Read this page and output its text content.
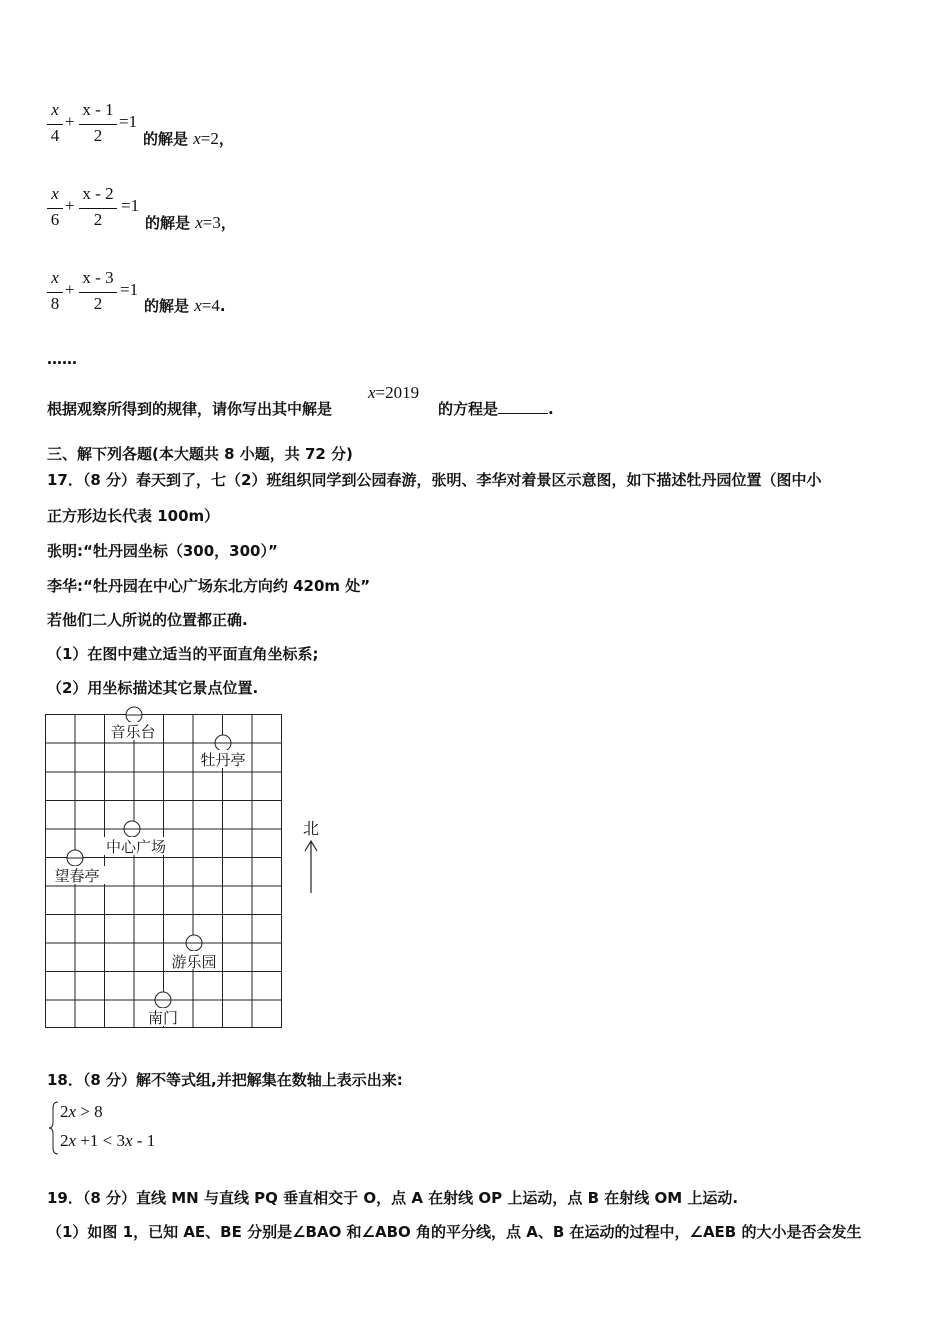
x
4
+
x - 1
2
=1
的解是 x=2，
x
6
+
x - 2
2
=1
的解是 x=3，
x
8
+
x - 3
2
=1
的解是 x=4.
……
根据观察所得到的规律，请你写出其中解是
x=2019
的方程是	.
三、解下列各题(本大题共 8 小题，共 72 分)
17．（8 分）春天到了，七（2）班组织同学到公园春游，张明、李华对着景区示意图，如下描述牡丹园位置（图中小
正方形边长代表 100m）
张明:“牡丹园坐标（300，300）”
李华:“牡丹园在中心广场东北方向约 420m 处”
若他们二人所说的位置都正确.
（1）在图中建立适当的平面直角坐标系;
（2）用坐标描述其它景点位置.
音乐台
牡丹亭
中心广场
望春亭
游乐园
南门
北
18．（8 分）解不等式组,并把解集在数轴上表示出来:
2x > 8
2x +1 < 3x - 1
19．（8 分）直线 MN 与直线 PQ 垂直相交于 O，点 A 在射线 OP 上运动，点 B 在射线 OM 上运动.
（1）如图 1，已知 AE、BE 分别是∠BAO 和∠ABO 角的平分线，点 A、B 在运动的过程中，∠AEB 的大小是否会发生
